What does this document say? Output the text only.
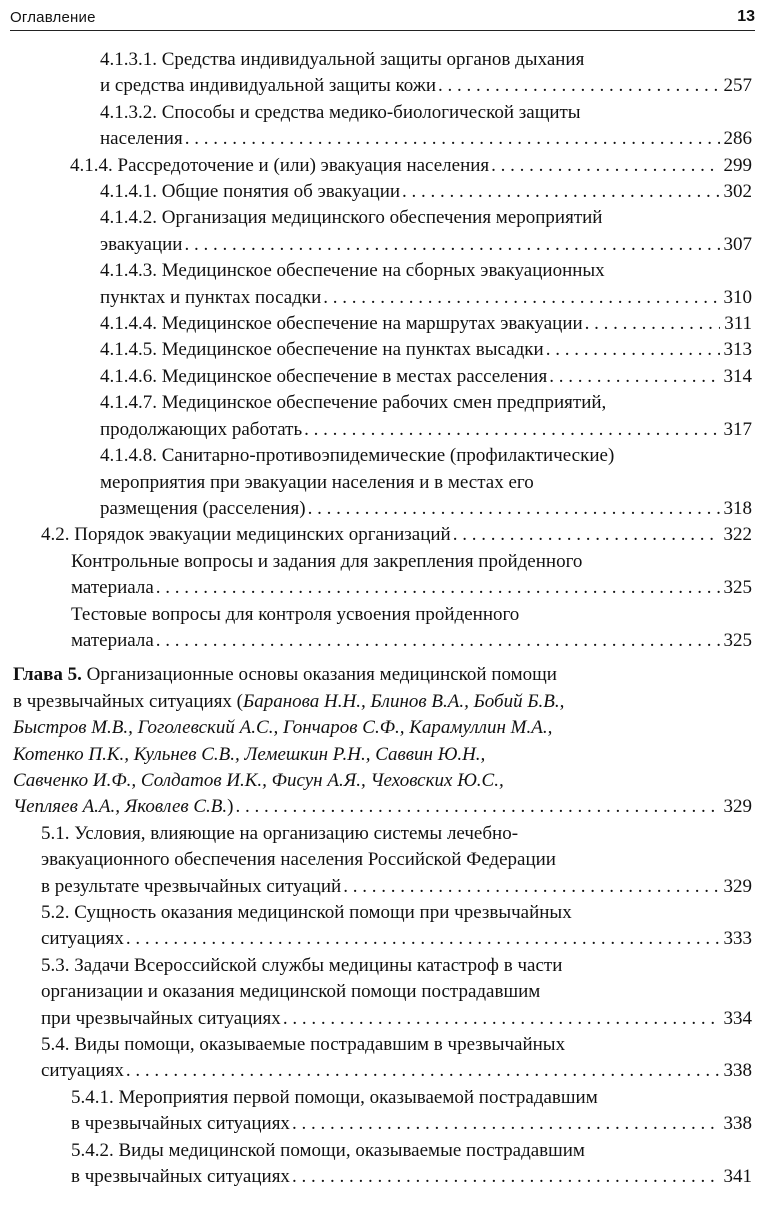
Оглавление	13
4.1.3.1. Средства индивидуальной защиты органов дыхания
и средства индивидуальной защиты кожи . . .	257
4.1.3.2. Способы и средства медико-биологической защиты
населения . . .	286
4.1.4. Рассредоточение и (или) эвакуация населения . . .	299
4.1.4.1. Общие понятия об эвакуации . . .	302
4.1.4.2. Организация медицинского обеспечения мероприятий
эвакуации . . .	307
4.1.4.3. Медицинское обеспечение на сборных эвакуационных
пунктах и пунктах посадки . . .	310
4.1.4.4. Медицинское обеспечение на маршрутах эвакуации . . .	311
4.1.4.5. Медицинское обеспечение на пунктах высадки . . .	313
4.1.4.6. Медицинское обеспечение в местах расселения . . .	314
4.1.4.7. Медицинское обеспечение рабочих смен предприятий,
продолжающих работать . . .	317
4.1.4.8. Санитарно-противоэпидемические (профилактические)
мероприятия при эвакуации населения и в местах его
размещения (расселения) . . .	318
4.2. Порядок эвакуации медицинских организаций . . .	322
Контрольные вопросы и задания для закрепления пройденного
материала . . .	325
Тестовые вопросы для контроля усвоения пройденного
материала . . .	325
Глава 5. Организационные основы оказания медицинской помощи
в чрезвычайных ситуациях (Баранова Н.Н., Блинов В.А., Бобий Б.В.,
Быстров М.В., Гоголевский А.С., Гончаров С.Ф., Карамуллин М.А.,
Котенко П.К., Кульнев С.В., Лемешкин Р.Н., Саввин Ю.Н.,
Савченко И.Ф., Солдатов И.К., Фисун А.Я., Чеховских Ю.С.,
Чепляев А.А., Яковлев С.В.) . . .	329
5.1. Условия, влияющие на организацию системы лечебно-
эвакуационного обеспечения населения Российской Федерации
в результате чрезвычайных ситуаций . . .	329
5.2. Сущность оказания медицинской помощи при чрезвычайных
ситуациях . . .	333
5.3. Задачи Всероссийской службы медицины катастроф в части
организации и оказания медицинской помощи пострадавшим
при чрезвычайных ситуациях . . .	334
5.4. Виды помощи, оказываемые пострадавшим в чрезвычайных
ситуациях . . .	338
5.4.1. Мероприятия первой помощи, оказываемой пострадавшим
в чрезвычайных ситуациях . . .	338
5.4.2. Виды медицинской помощи, оказываемые пострадавшим
в чрезвычайных ситуациях . . .	341
